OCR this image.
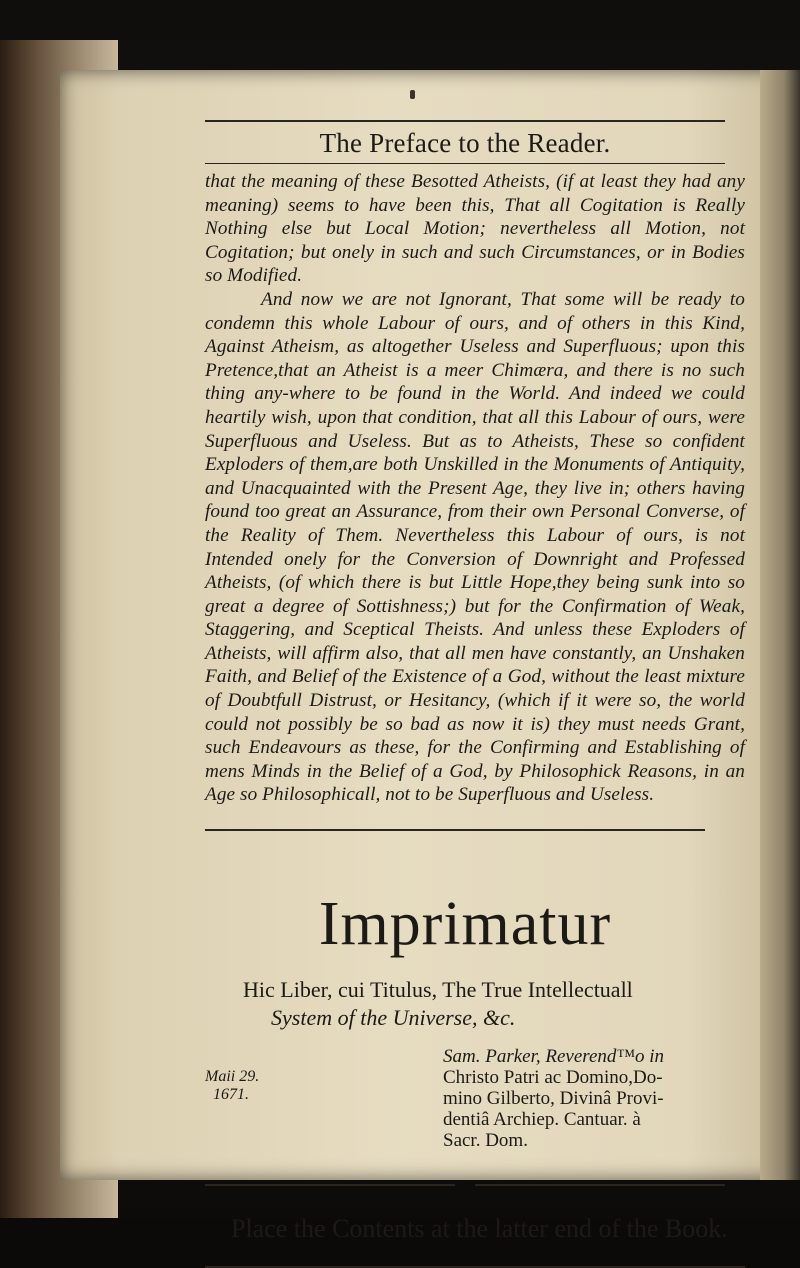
The Preface to the Reader.

that the meaning of these Besotted Atheists, (if at least they had any meaning) seems to have been this, That all Cogitation is Really Nothing else but Local Motion; nevertheless all Motion, not Cogitation; but onely in such and such Circumstances, or in Bodies so Modified.

And now we are not Ignorant, That some will be ready to condemn this whole Labour of ours, and of others in this Kind, Against Atheism, as altogether Useless and Superfluous; upon this Pretence,that an Atheist is a meer Chimæra, and there is no such thing any-where to be found in the World. And indeed we could heartily wish, upon that condition, that all this Labour of ours, were Superfluous and Useless. But as to Atheists, These so confident Exploders of them,are both Unskilled in the Monuments of Antiquity, and Unacquainted with the Present Age, they live in; others having found too great an Assurance, from their own Personal Converse, of the Reality of Them. Nevertheless this Labour of ours, is not Intended onely for the Conversion of Downright and Professed Atheists, (of which there is but Little Hope,they being sunk into so great a degree of Sottishness;) but for the Confirmation of Weak, Staggering, and Sceptical Theists. And unless these Exploders of Atheists, will affirm also, that all men have constantly, an Unshaken Faith, and Belief of the Existence of a God, without the least mixture of Doubtfull Distrust, or Hesitancy, (which if it were so, the world could not possibly be so bad as now it is) they must needs Grant, such Endeavours as these, for the Confirming and Establishing of mens Minds in the Belief of a God, by Philosophick Reasons, in an Age so Philosophicall, not to be Superfluous and Useless.

Imprimatur
Hic Liber, cui Titulus, The True Intellectuall
System of the Universe, &c.
Maii 29.
1671.
Sam. Parker, Reverend™o in
Christo Patri ac Domino,Do-
mino Gilberto, Divinâ Provi-
dentiâ Archiep. Cantuar. à
Sacr. Dom.
Place the Contents at the latter end of the Book.
